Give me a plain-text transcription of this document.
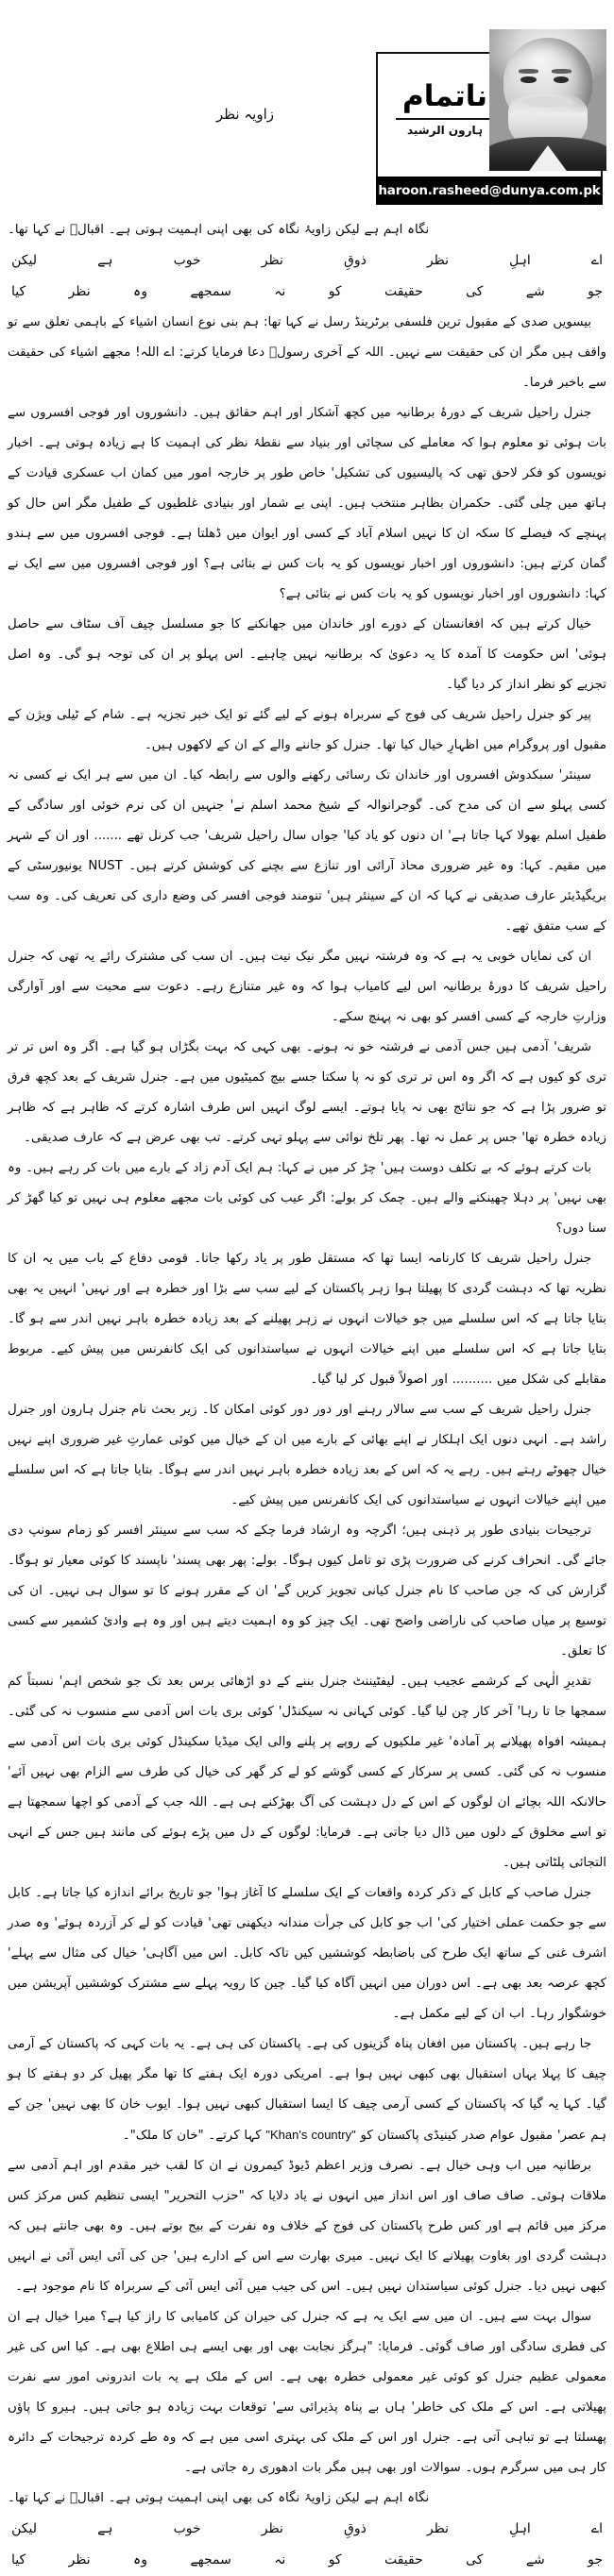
ناتمام
ہارون الرشید
haroon.rasheed@dunya.com.pk
زاویہ نظر

نگاہ اہم ہے لیکن زاویۂ نگاہ کی بھی اپنی اہمیت ہوتی ہے۔ اقبالؔ نے کہا تھا۔

اے
اہلِ
نظر
ذوقِ
نظر
خوب
ہے
لیکن
جو
شے
کی
حقیقت
کو
نہ
سمجھے
وہ
نظر
کیا

بیسویں صدی کے مقبول ترین فلسفی برٹرینڈ رسل نے کہا تھا: ہم بنی نوع انسان اشیاء کے باہمی تعلق سے تو واقف ہیں مگر ان کی حقیقت سے نہیں۔ اللہ کے آخری رسولؐ دعا فرمایا کرتے: اے اللہ! مجھے اشیاء کی حقیقت سے باخبر فرما۔

جنرل راحیل شریف کے دورۂ برطانیہ میں کچھ آشکار اور اہم حقائق ہیں۔ دانشوروں اور فوجی افسروں سے بات ہوئی تو معلوم ہوا کہ معاملے کی سچائی اور بنیاد سے نقطۂ نظر کی اہمیت کا ہے زیادہ ہوتی ہے۔ اخبار نویسوں کو فکر لاحق تھی کہ پالیسیوں کی تشکیل' خاص طور پر خارجہ امور میں کمان اب عسکری قیادت کے ہاتھ میں چلی گئی۔ حکمران بظاہر منتخب ہیں۔ اپنی بے شمار اور بنیادی غلطیوں کے طفیل مگر اس حال کو پہنچے کہ فیصلے کا سکہ ان کا نہیں اسلام آباد کے کسی اور ایوان میں ڈھلتا ہے۔ فوجی افسروں میں سے ہندو گمان کرتے ہیں: دانشوروں اور اخبار نویسوں کو یہ بات کس نے بتائی ہے؟ اور فوجی افسروں میں سے ایک نے کہا: دانشوروں اور اخبار نویسوں کو یہ بات کس نے بتائی ہے؟

خیال کرتے ہیں کہ افغانستان کے دورے اور خاندان میں جھانکنے کا جو مسلسل چیف آف سٹاف سے حاصل ہوئی' اس حکومت کا آمدہ کا یہ دعویٰ کہ برطانیہ نہیں چاہیے۔ اس پہلو پر ان کی توجہ ہو گی۔ وہ اصل تجزیے کو نظر انداز کر دیا گیا۔

پیر کو جنرل راحیل شریف کی فوج کے سربراہ ہونے کے لیے گئے تو ایک خبر تجزیہ ہے۔ شام کے ٹیلی ویژن کے مقبول اور پروگرام میں اظہارِ خیال کیا تھا۔ جنرل کو جاننے والے کے ان کے لاکھوں ہیں۔

سینئر' سبکدوش افسروں اور خاندان تک رسائی رکھنے والوں سے رابطہ کیا۔ ان میں سے ہر ایک نے کسی نہ کسی پہلو سے ان کی مدح کی۔ گوجرانوالہ کے شیخ محمد اسلم نے' جنہیں ان کی نرم خوئی اور سادگی کے طفیل اسلم بھولا کہا جاتا ہے' ان دنوں کو یاد کیا' جواں سال راحیل شریف' جب کرنل تھے ....... اور ان کے شہر میں مقیم۔ کہا: وہ غیر ضروری محاذ آرائی اور تنازع سے بچنے کی کوشش کرتے ہیں۔ NUST یونیورسٹی کے بریگیڈیئر عارف صدیقی نے کہا کہ ان کے سینئر ہیں' تنومند فوجی افسر کی وضع داری کی تعریف کی۔ وہ سب کے سب متفق تھے۔

ان کی نمایاں خوبی یہ ہے کہ وہ فرشتہ نہیں مگر نیک نیت ہیں۔ ان سب کی مشترک رائے یہ تھی کہ جنرل راحیل شریف کا دورۂ برطانیہ اس لیے کامیاب ہوا کہ وہ غیر متنازع رہے۔ دعوت سے محبت سے اور آوارگی وزارتِ خارجہ کے کسی افسر کو بھی نہ پہنچ سکے۔

شریف' آدمی ہیں جس آدمی نے فرشتہ خو نہ ہونے۔ بھی کہی کہ بہت بگڑاں ہو گیا ہے۔ اگر وہ اس تر تر تری کو کیوں ہے کہ اگر وہ اس تر تری کو نہ پا سکتا جسے بیچ کمیٹیوں میں ہے۔ جنرل شریف کے بعد کچھ فرق تو ضرور پڑا ہے کہ جو نتائج بھی نہ پایا ہوتے۔ ایسے لوگ انہیں اس طرف اشارہ کرتے کہ ظاہر ہے کہ ظاہر زیادہ خطرہ تھا' جس پر عمل نہ تھا۔ پھر تلخ نوائی سے پہلو تہی کرتے۔ تب بھی عرض ہے کہ عارف صدیقی۔

بات کرتے ہوئے کہ بے تکلف دوست ہیں' چڑ کر میں نے کہا: ہم ایک آدم زاد کے بارے میں بات کر رہے ہیں۔ وہ بھی نہیں' پر دہلا چھینکنے والے ہیں۔ چمک کر بولے: اگر عیب کی کوئی بات مجھے معلوم ہی نہیں تو کیا گھڑ کر سنا دوں؟

جنرل راحیل شریف کا کارنامہ ایسا تھا کہ مستقل طور پر یاد رکھا جاتا۔ قومی دفاع کے باب میں یہ ان کا نظریہ تھا کہ دہشت گردی کا پھیلتا ہوا زہر پاکستان کے لیے سب سے بڑا اور خطرہ ہے اور نہیں' انہیں یہ بھی بتایا جاتا ہے کہ اس سلسلے میں جو خیالات انہوں نے زہر پھیلنے کے بعد زیادہ خطرہ باہر نہیں اندر سے ہو گا۔ بتایا جاتا ہے کہ اس سلسلے میں اپنے خیالات انہوں نے سیاستدانوں کی ایک کانفرنس میں پیش کیے۔ مربوط مقابلے کی شکل میں .......... اور اصولاً قبول کر لیا گیا۔

جنرل راحیل شریف کے سب سے سالار رہنے اور دور دور کوئی امکان کا۔ زیر بحث نام جنرل ہارون اور جنرل راشد ہے۔ انہی دنوں ایک اہلکار نے اپنے بھائی کے بارے میں ان کے خیال میں کوئی عمارتِ غیر ضروری اپنے نہیں خیال چھوٹے رہتے ہیں۔ رہے یہ کہ اس کے بعد زیادہ خطرہ باہر نہیں اندر سے ہوگا۔ بتایا جاتا ہے کہ اس سلسلے میں اپنے خیالات انہوں نے سیاستدانوں کی ایک کانفرنس میں پیش کیے۔

ترجیحات بنیادی طور پر ذہنی ہیں؛ اگرچہ وہ ارشاد فرما چکے کہ سب سے سینئر افسر کو زمام سونپ دی جائے گی۔ انحراف کرنے کی ضرورت پڑی تو تامل کیوں ہوگا۔ بولے: پھر بھی پسند' ناپسند کا کوئی معیار تو ہوگا۔ گزارش کی کہ جن صاحب کا نام جنرل کیانی تجویز کریں گے' ان کے مقرر ہونے کا تو سوال ہی نہیں۔ ان کی توسیع پر میاں صاحب کی ناراضی واضح تھی۔ ایک چیز کو وہ اہمیت دیتے ہیں اور وہ ہے وادئ کشمیر سے کسی کا تعلق۔

تقدیرِ الٰہی کے کرشمے عجیب ہیں۔ لیفٹیننٹ جنرل بننے کے دو اڑھائی برس بعد تک جو شخص اہم' نسبتاً کم سمجھا جا تا رہا' آخر کار چن لیا گیا۔ کوئی کہانی نہ سیکنڈل' کوئی بری بات اس آدمی سے منسوب نہ کی گئی۔ ہمیشہ افواہ پھیلانے پر آمادہ' غیر ملکیوں کے روپے پر پلنے والی ایک میڈیا سکینڈل کوئی بری بات اس آدمی سے منسوب نہ کی گئی۔ کسی پر سرکار کے کسی گوشے کو لے کر گھر کی خیال کی طرف سے الزام بھی نہیں آئے' حالانکہ اللہ بچائے ان لوگوں کے اس کے دل دہشت کی آگ بھڑکنے ہی ہے۔ اللہ جب کے آدمی کو اچھا سمجھتا ہے تو اسے مخلوق کے دلوں میں ڈال دیا جاتی ہے۔ فرمایا: لوگوں کے دل میں پڑے ہوئے کی مانند ہیں جس کے انہی التجائی پلٹاتی ہیں۔

جنرل صاحب کے کابل کے ذکر کردہ واقعات کے ایک سلسلے کا آغاز ہوا' جو تاریخ برائے اندازہ کیا جاتا ہے۔ کابل سے جو حکمت عملی اختیار کی' اب جو کابل کی جرأت مندانہ دیکھنی تھی' قیادت کو لے کر آزردہ ہوئے' وہ صدر اشرف غنی کے ساتھ ایک طرح کی باضابطہ کوششیں کیں تاکہ کابل۔ اس میں آگاہی' خیال کی مثال سے پہلے' کچھ عرصہ بعد بھی ہے۔ اس دوران میں انہیں آگاہ کیا گیا۔ چین کا رویہ پہلے سے مشترک کوششیں آپریشن میں خوشگوار رہا۔ اب ان کے لیے مکمل ہے۔

جا رہے ہیں۔ پاکستان میں افغان پناہ گزینوں کی ہے۔ پاکستان کی ہی ہے۔ یہ بات کہی کہ پاکستان کے آرمی چیف کا پہلا یہاں استقبال بھی کبھی نہیں ہوا ہے۔ امریکی دورہ ایک ہفتے کا تھا مگر پھیل کر دو ہفتے کا ہو گیا۔ کہا یہ گیا کہ پاکستان کے کسی آرمی چیف کا ایسا استقبال کبھی نہیں ہوا۔ ایوب خان کا بھی نہیں' جن کے ہم عصر' مقبول عوام صدر کینیڈی پاکستان کو "Khan's country" کہا کرتے۔ "خان کا ملک"۔

برطانیہ میں اب وہی خیال ہے۔ نصرف وزیر اعظم ڈیوڈ کیمرون نے ان کا لقب خیر مقدم اور اہم آدمی سے ملاقات ہوئی۔ صاف صاف اور اس انداز میں انہوں نے یاد دلایا کہ "حزب التحریر" ایسی تنظیم کس مرکز کس مرکز میں قائم ہے اور کس طرح پاکستان کی فوج کے خلاف وہ نفرت کے بیج بوتے ہیں۔ وہ بھی جانتے ہیں کہ دہشت گردی اور بغاوت پھیلانے کا ایک نہیں۔ میری بھارت سے اس کے ادارے ہیں' جن کی آئی ایس آئی نے انہیں کبھی نہیں دیا۔ جنرل کوئی سیاستدان نہیں ہیں۔ اس کی جیب میں آئی ایس آئی کے سربراہ کا نام موجود ہے۔

سوال بہت سے ہیں۔ ان میں سے ایک یہ ہے کہ جنرل کی حیران کن کامیابی کا راز کیا ہے؟ میرا خیال ہے ان کی فطری سادگی اور صاف گوئی۔ فرمایا: "ہرگز نجابت بھی اور بھی ایسے ہی اطلاع بھی ہے۔ کیا اس کی غیر معمولی عظیم جنرل کو کوئی غیر معمولی خطرہ بھی ہے۔ اس کے ملک ہے یہ بات اندرونی امور سے نفرت پھیلاتی ہے۔ اس کے ملک کی خاطر' ہاں بے پناہ پذیرائی سے' توقعات بہت زیادہ ہو جاتی ہیں۔ ہیرو کا پاؤں پھسلتا ہے تو تباہی آتی ہے۔ جنرل اور اس کے ملک کی بہتری اسی میں ہے کہ وہ طے کردہ ترجیحات کے دائرہ کار ہی میں سرگرم ہوں۔ سوالات اور بھی ہیں مگر بات ادھوری رہ جاتی ہے۔

نگاہ اہم ہے لیکن زاویۂ نگاہ کی بھی اپنی اہمیت ہوتی ہے۔ اقبالؔ نے کہا تھا۔

اے
اہلِ
نظر
ذوقِ
نظر
خوب
ہے
لیکن
جو
شے
کی
حقیقت
کو
نہ
سمجھے
وہ
نظر
کیا
